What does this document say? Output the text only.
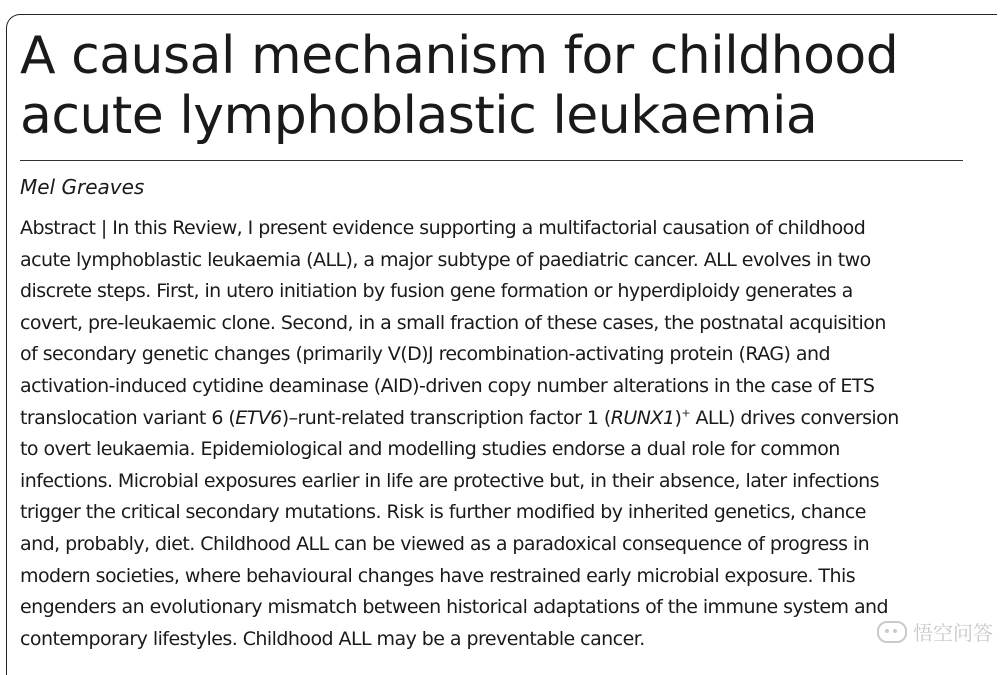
A causal mechanism for childhood
acute lymphoblastic leukaemia

Mel Greaves

Abstract | In this Review, I present evidence supporting a multifactorial causation of childhood
acute lymphoblastic leukaemia (ALL), a major subtype of paediatric cancer. ALL evolves in two
discrete steps. First, in utero initiation by fusion gene formation or hyperdiploidy generates a
covert, pre-leukaemic clone. Second, in a small fraction of these cases, the postnatal acquisition
of secondary genetic changes (primarily V(D)J recombination-activating protein (RAG) and
activation-induced cytidine deaminase (AID)-driven copy number alterations in the case of ETS
translocation variant 6 (ETV6)–runt-related transcription factor 1 (RUNX1)+ ALL) drives conversion
to overt leukaemia. Epidemiological and modelling studies endorse a dual role for common
infections. Microbial exposures earlier in life are protective but, in their absence, later infections
trigger the critical secondary mutations. Risk is further modified by inherited genetics, chance
and, probably, diet. Childhood ALL can be viewed as a paradoxical consequence of progress in
modern societies, where behavioural changes have restrained early microbial exposure. This
engenders an evolutionary mismatch between historical adaptations of the immune system and
contemporary lifestyles. Childhood ALL may be a preventable cancer.	悟空问答
